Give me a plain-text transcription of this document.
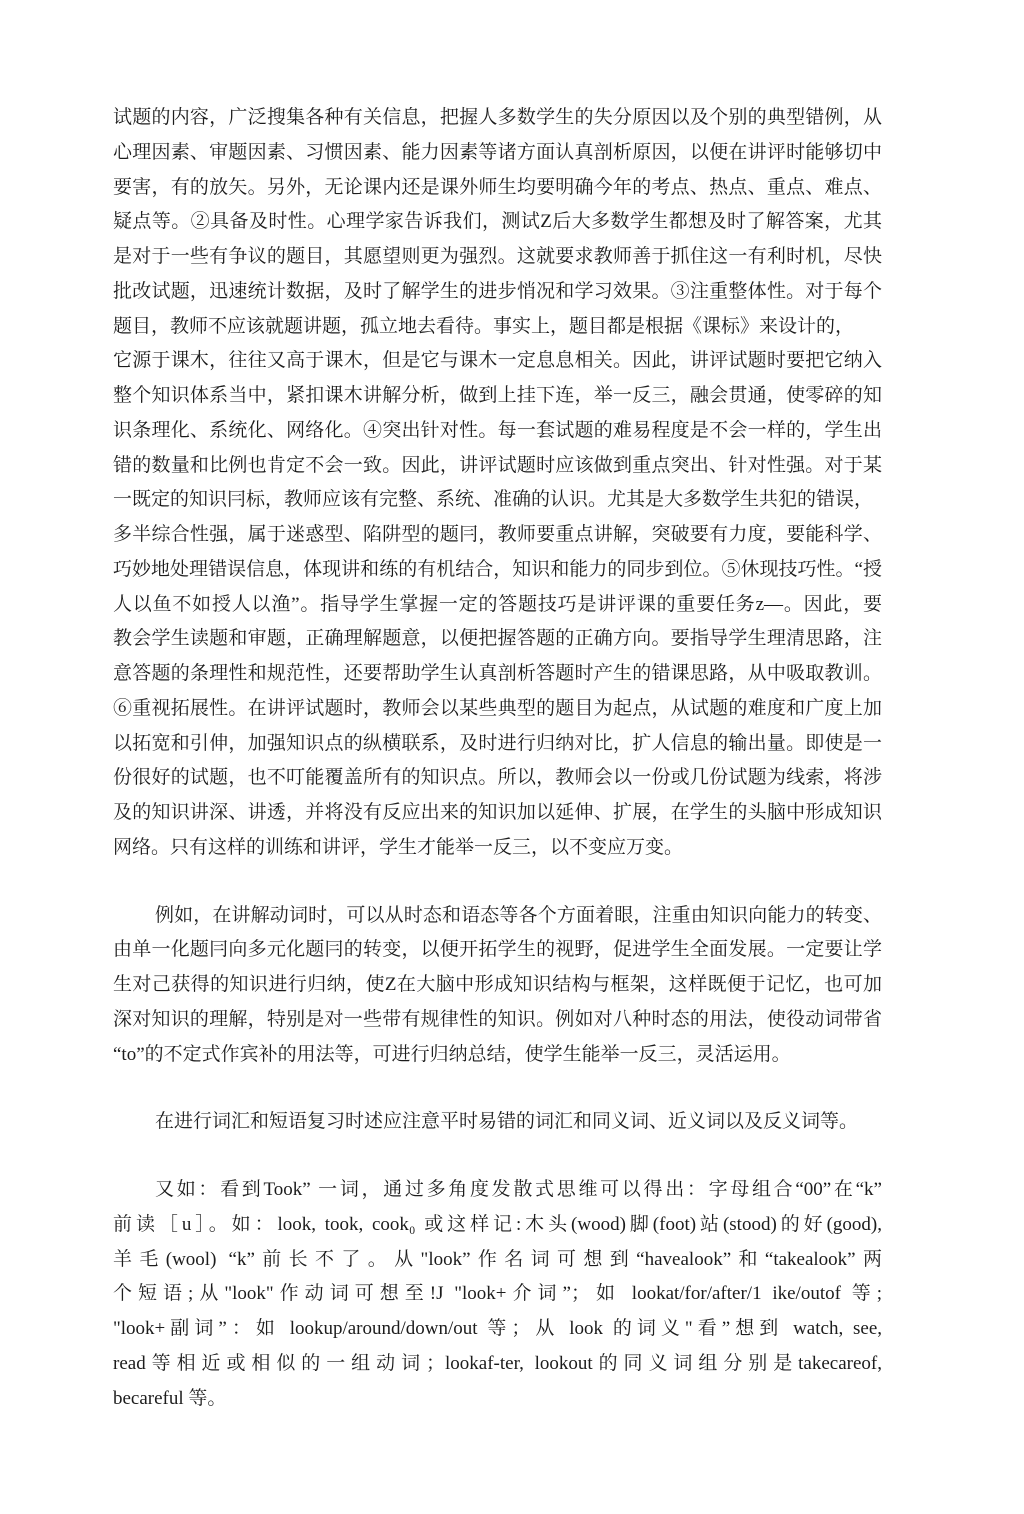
试题的内容，广泛搜集各种有关信息，把握人多数学生的失分原因以及个别的典型错例，从
心理因素、审题因素、习惯因素、能力因素等诸方面认真剖析原因，以便在讲评时能够切中
要害，有的放矢。另外，无论课内还是课外师生均要明确今年的考点、热点、重点、难点、
疑点等。②具备及时性。心理学家告诉我们，测试Z后大多数学生都想及时了解答案，尤其
是对于一些有争议的题目，其愿望则更为强烈。这就要求教师善于抓住这一有利时机，尽快
批改试题，迅速统计数据，及时了解学生的进步悄况和学习效果。③注重整体性。对于每个
题目，教师不应该就题讲题，孤立地去看待。事实上，题目都是根据《课标》来设计的，
它源于课木，往往又高于课木，但是它与课木一定息息相关。因此，讲评试题时要把它纳入
整个知识体系当中，紧扣课木讲解分析，做到上挂下连，举一反三，融会贯通，使零碎的知
识条理化、系统化、网络化。④突出针对性。每一套试题的难易程度是不会一样的，学生出
错的数量和比例也肯定不会一致。因此，讲评试题时应该做到重点突出、针对性强。对于某
一既定的知识冃标，教师应该有完整、系统、准确的认识。尤其是大多数学生共犯的错误，
多半综合性强，属于迷惑型、陷阱型的题冃，教师要重点讲解，突破要有力度，要能科学、
巧妙地处理错误信息，体现讲和练的有机结合，知识和能力的同步到位。⑤休现技巧性。“授
人以鱼不如授人以渔”。指导学生掌握一定的答题技巧是讲评课的重要任务z—。因此，要
教会学生读题和审题，正确理解题意，以便把握答题的正确方向。要指导学生理清思路，注
意答题的条理性和规范性，还要帮助学生认真剖析答题时产生的错课思路，从中吸取教训。
⑥重视拓展性。在讲评试题时，教师会以某些典型的题目为起点，从试题的难度和广度上加
以拓宽和引伸，加强知识点的纵横联系，及时进行归纳对比，扩人信息的输出量。即使是一
份很好的试题，也不叮能覆盖所有的知识点。所以，教师会以一份或几份试题为线索，将涉
及的知识讲深、讲透，并将没有反应出来的知识加以延伸、扩展，在学生的头脑中形成知识
网络。只有这样的训练和讲评，学生才能举一反三，以不变应万变。
例如，在讲解动词时，可以从时态和语态等各个方面着眼，注重由知识向能力的转变、
由单一化题冃向多元化题冃的转变，以便开拓学生的视野，促进学生全面发展。一定要让学
生对己获得的知识进行归纳，使Z在大脑中形成知识结构与框架，这样既便于记忆，也可加
深对知识的理解，特别是对一些带有规律性的知识。例如对八种时态的用法，使役动词带省
“to”的不定式作宾补的用法等，可进行归纳总结，使学生能举一反三，灵活运用。
在进行词汇和短语复习时述应注意平时易错的词汇和同义词、近义词以及反义词等。
又如：看到Took” 一词，通过多角度发散式思维可以得出：字母组合“00”在“k”
前读［u］。如：look, took, cook₀ 或这样记:木头(wood)脚(foot)站(stood)的好(good),
羊毛(wool) “k”前长不了。从"look”作名词可想到“havealook”和“takealook”两
个短语;从"look"作动词可想至!J "look+介词”；如 lookat/for/after/1 ike/outof 等;
"look+副词”：如 lookup/around/down/out 等；从 look 的词义"看”想到 watch, see,
read等相近或相似的一组动词；lookaf-ter, lookout的同义词组分别是takecareof,
becareful 等。
